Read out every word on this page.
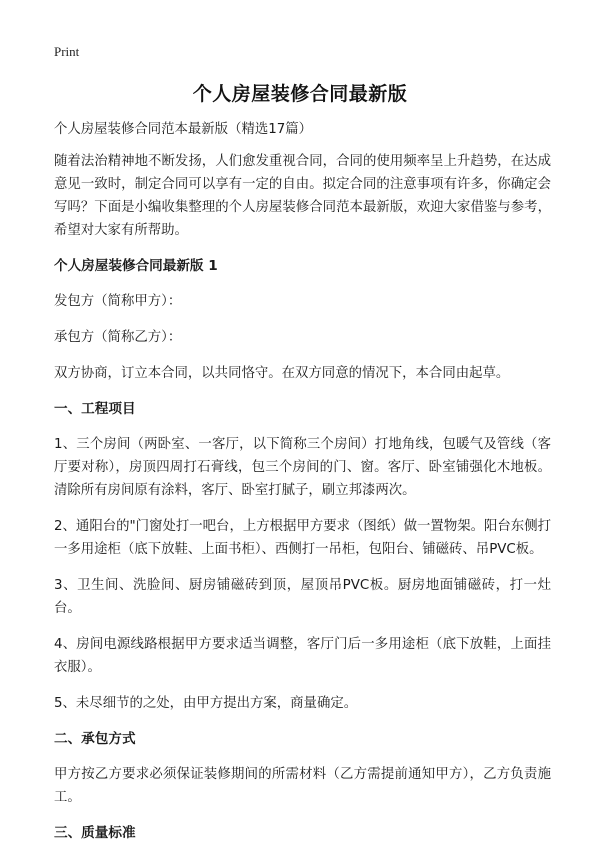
Print
个人房屋装修合同最新版

个人房屋装修合同范本最新版（精选17篇）

随着法治精神地不断发扬，人们愈发重视合同，合同的使用频率呈上升趋势，在达成意见一致时，制定合同可以享有一定的自由。拟定合同的注意事项有许多，你确定会写吗？下面是小编收集整理的个人房屋装修合同范本最新版，欢迎大家借鉴与参考，希望对大家有所帮助。

个人房屋装修合同最新版 1

发包方（简称甲方）：

承包方（简称乙方）：

双方协商，订立本合同，以共同恪守。在双方同意的情况下，本合同由起草。

一、工程项目

1、三个房间（两卧室、一客厅，以下简称三个房间）打地角线，包暖气及管线（客厅要对称），房顶四周打石膏线，包三个房间的门、窗。客厅、卧室铺强化木地板。清除所有房间原有涂料，客厅、卧室打腻子，刷立邦漆两次。

2、通阳台的"门窗处打一吧台，上方根据甲方要求（图纸）做一置物架。阳台东侧打一多用途柜（底下放鞋、上面书柜）、西侧打一吊柜，包阳台、铺磁砖、吊PVC板。

3、卫生间、洗脸间、厨房铺磁砖到顶，屋顶吊PVC板。厨房地面铺磁砖，打一灶台。

4、房间电源线路根据甲方要求适当调整，客厅门后一多用途柜（底下放鞋，上面挂衣服）。

5、未尽细节的之处，由甲方提出方案，商量确定。

二、承包方式

甲方按乙方要求必须保证装修期间的所需材料（乙方需提前通知甲方），乙方负责施工。

三、质量标准
